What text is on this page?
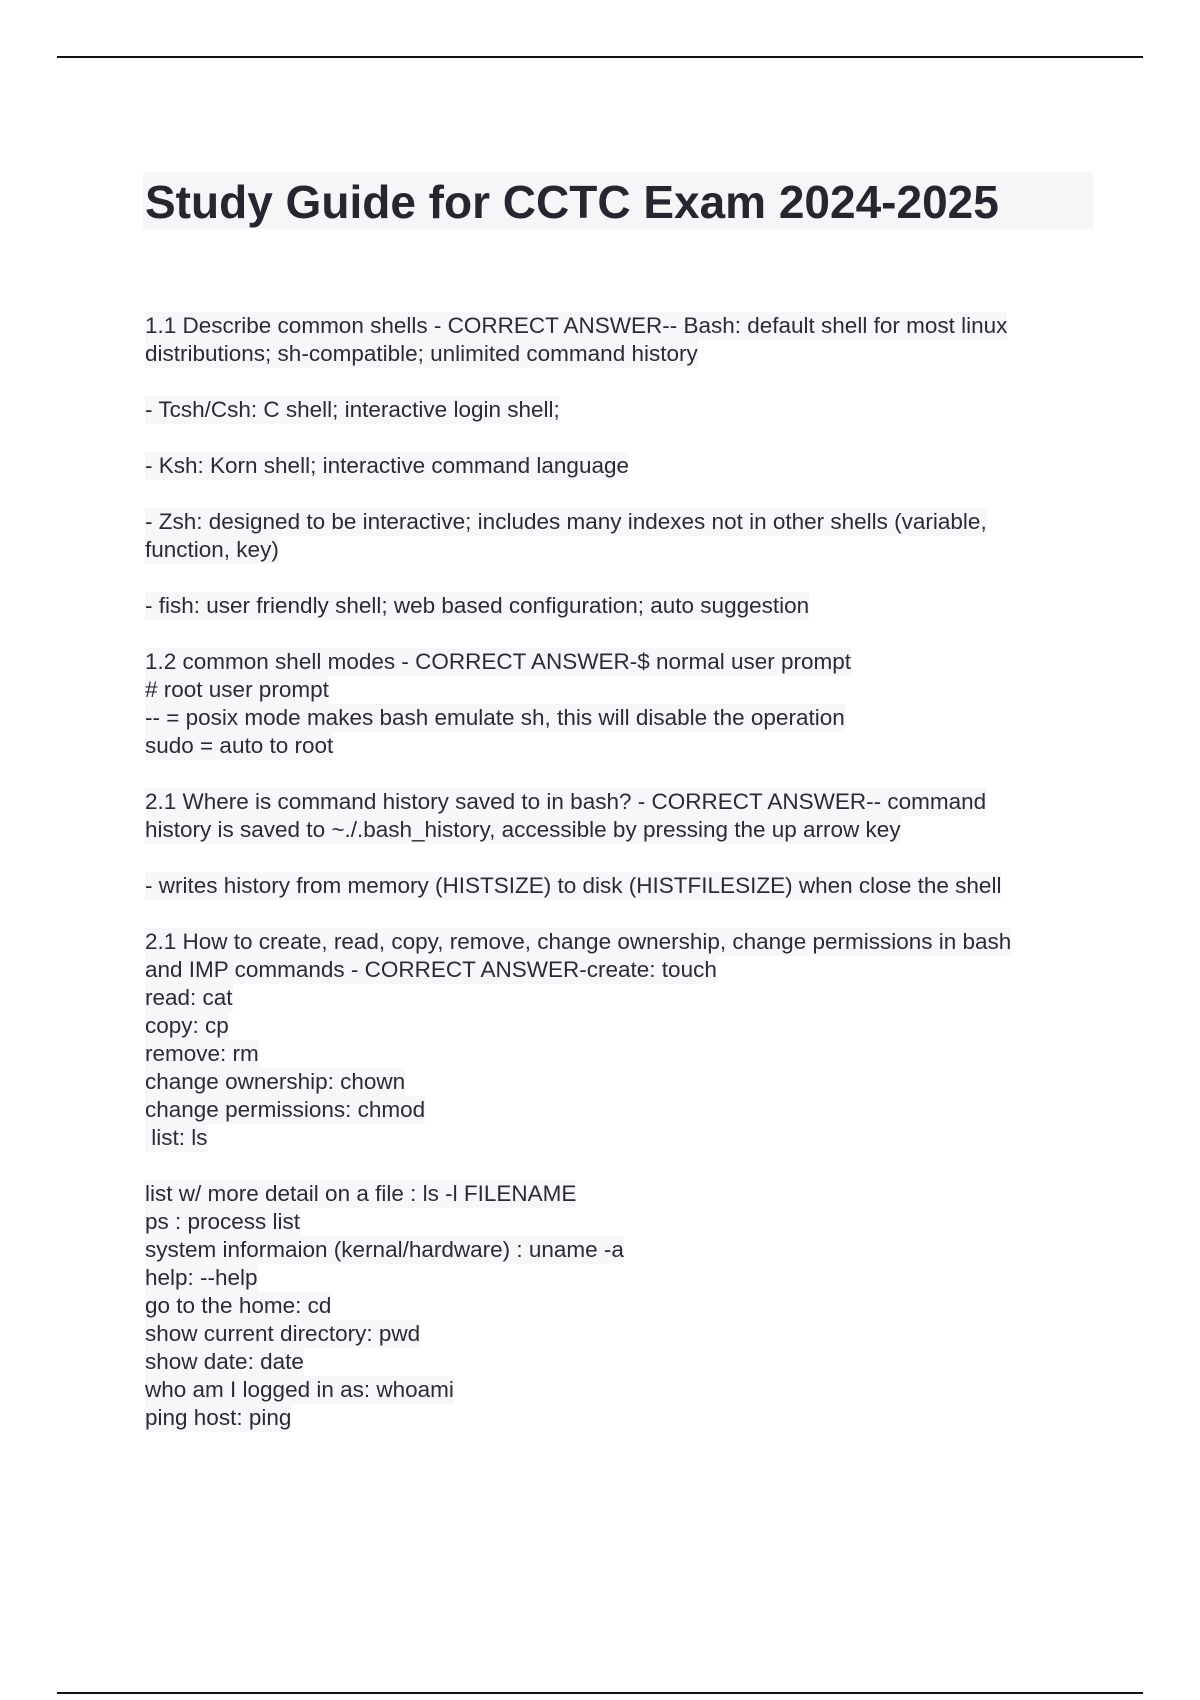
Study Guide for CCTC Exam 2024-2025

1.1 Describe common shells - CORRECT ANSWER-- Bash: default shell for most linux
distributions; sh-compatible; unlimited command history

- Tcsh/Csh: C shell; interactive login shell;

- Ksh: Korn shell; interactive command language

- Zsh: designed to be interactive; includes many indexes not in other shells (variable,
function, key)

- fish: user friendly shell; web based configuration; auto suggestion

1.2 common shell modes - CORRECT ANSWER-$ normal user prompt
# root user prompt
-- = posix mode makes bash emulate sh, this will disable the operation
sudo = auto to root

2.1 Where is command history saved to in bash? - CORRECT ANSWER-- command
history is saved to ~./.bash_history, accessible by pressing the up arrow key

- writes history from memory (HISTSIZE) to disk (HISTFILESIZE) when close the shell

2.1 How to create, read, copy, remove, change ownership, change permissions in bash
and IMP commands - CORRECT ANSWER-create: touch
read: cat
copy: cp
remove: rm
change ownership: chown
change permissions: chmod
list: ls

list w/ more detail on a file : ls -l FILENAME
ps : process list
system informaion (kernal/hardware) : uname -a
help: --help
go to the home: cd
show current directory: pwd
show date: date
who am I logged in as: whoami
ping host: ping
